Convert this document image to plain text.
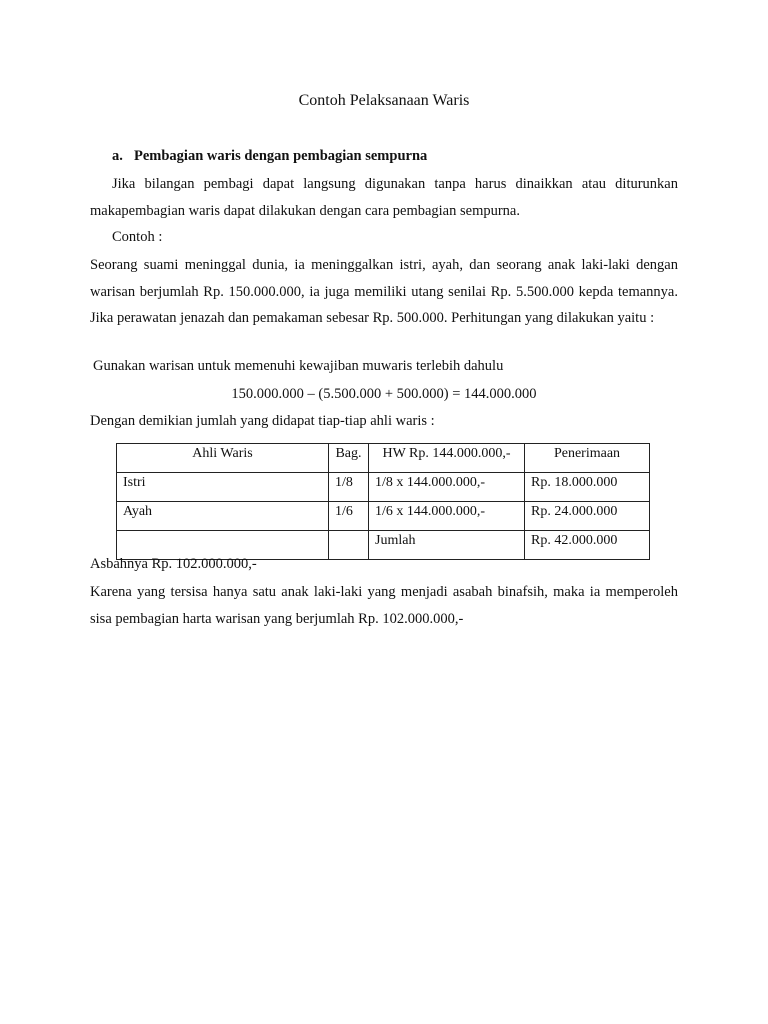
Contoh Pelaksanaan Waris
a. Pembagian waris dengan pembagian sempurna

Jika bilangan pembagi dapat langsung digunakan tanpa harus dinaikkan atau diturunkan makapembagian waris dapat dilakukan dengan cara pembagian sempurna.

Contoh :

Seorang suami meninggal dunia, ia meninggalkan istri, ayah, dan seorang anak laki-laki dengan warisan berjumlah Rp. 150.000.000, ia juga memiliki utang senilai Rp. 5.500.000 kepda temannya. Jika perawatan jenazah dan pemakaman sebesar Rp. 500.000. Perhitungan yang dilakukan yaitu :

Gunakan warisan untuk memenuhi kewajiban muwaris terlebih dahulu

150.000.000 – (5.500.000 + 500.000) = 144.000.000

Dengan demikian jumlah yang didapat tiap-tiap ahli waris :

Ahli Waris	Bag.	HW Rp. 144.000.000,-	Penerimaan
Istri	1/8	1/8 x 144.000.000,-	Rp. 18.000.000
Ayah	1/6	1/6 x 144.000.000,-	Rp. 24.000.000
		Jumlah	Rp. 42.000.000

Asbahnya Rp. 102.000.000,-

Karena yang tersisa hanya satu anak laki-laki yang menjadi asabah binafsih, maka ia memperoleh sisa pembagian harta warisan yang berjumlah Rp. 102.000.000,-
